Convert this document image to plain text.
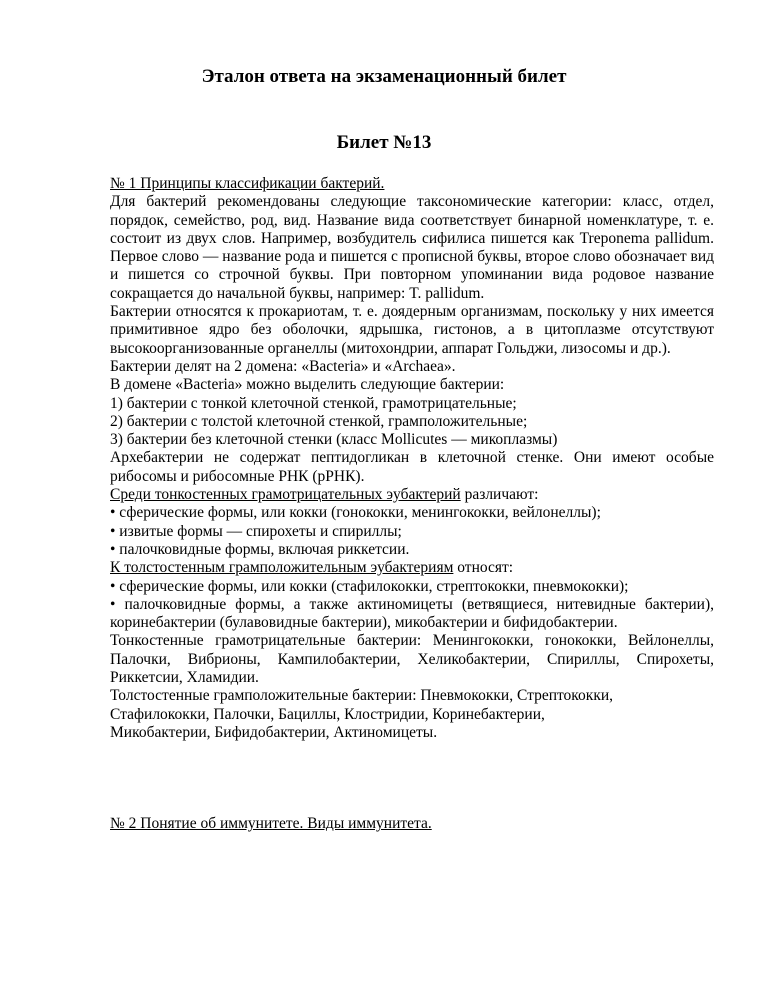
Эталон ответа на экзаменационный билет
Билет №13

№ 1 Принципы классификации бактерий.

Для бактерий рекомендованы следующие таксономические категории: класс, отдел, порядок, семейство, род, вид. Название вида соответствует бинарной номенклатуре, т. е. состоит из двух слов. Например, возбудитель сифилиса пишется как Treponema pallidum. Первое слово — название рода и пишется с прописной буквы, второе слово обозначает вид и пишется со строчной буквы. При повторном упоминании вида родовое название сокращается до начальной буквы, например: T. pallidum.

Бактерии относятся к прокариотам, т. е. доядерным организмам, поскольку у них имеется примитивное ядро без оболочки, ядрышка, гистонов, а в цитоплазме отсутствуют высокоорганизованные органеллы (митохондрии, аппарат Гольджи, лизосомы и др.).

Бактерии делят на 2 домена: «Bacteria» и «Archaea».

В домене «Bacteria» можно выделить следующие бактерии:

1) бактерии с тонкой клеточной стенкой, грамотрицательные;

2) бактерии с толстой клеточной стенкой, грамположительные;

3) бактерии без клеточной стенки (класс Mollicutes — микоплазмы)

Архебактерии не содержат пептидогликан в клеточной стенке. Они имеют особые рибосомы и рибосомные РНК (рРНК).

Среди тонкостенных грамотрицательных эубактерий различают:

• сферические формы, или кокки (гонококки, менингококки, вейлонеллы);

• извитые формы — спирохеты и спириллы;

• палочковидные формы, включая риккетсии.

К толстостенным грамположительным эубактериям относят:

• сферические формы, или кокки (стафилококки, стрептококки, пневмококки);

• палочковидные формы, а также актиномицеты (ветвящиеся, нитевидные бактерии), коринебактерии (булавовидные бактерии), микобактерии и бифидобактерии.

Тонкостенные грамотрицательные бактерии: Менингококки, гонококки, Вейлонеллы, Палочки, Вибрионы, Кампилобактерии, Хеликобактерии, Спириллы, Спирохеты, Риккетсии, Хламидии.

Толстостенные грамположительные бактерии: Пневмококки, Стрептококки,

Стафилококки, Палочки, Бациллы, Клостридии, Коринебактерии,

Микобактерии, Бифидобактерии, Актиномицеты.

№ 2 Понятие об иммунитете. Виды иммунитета.
